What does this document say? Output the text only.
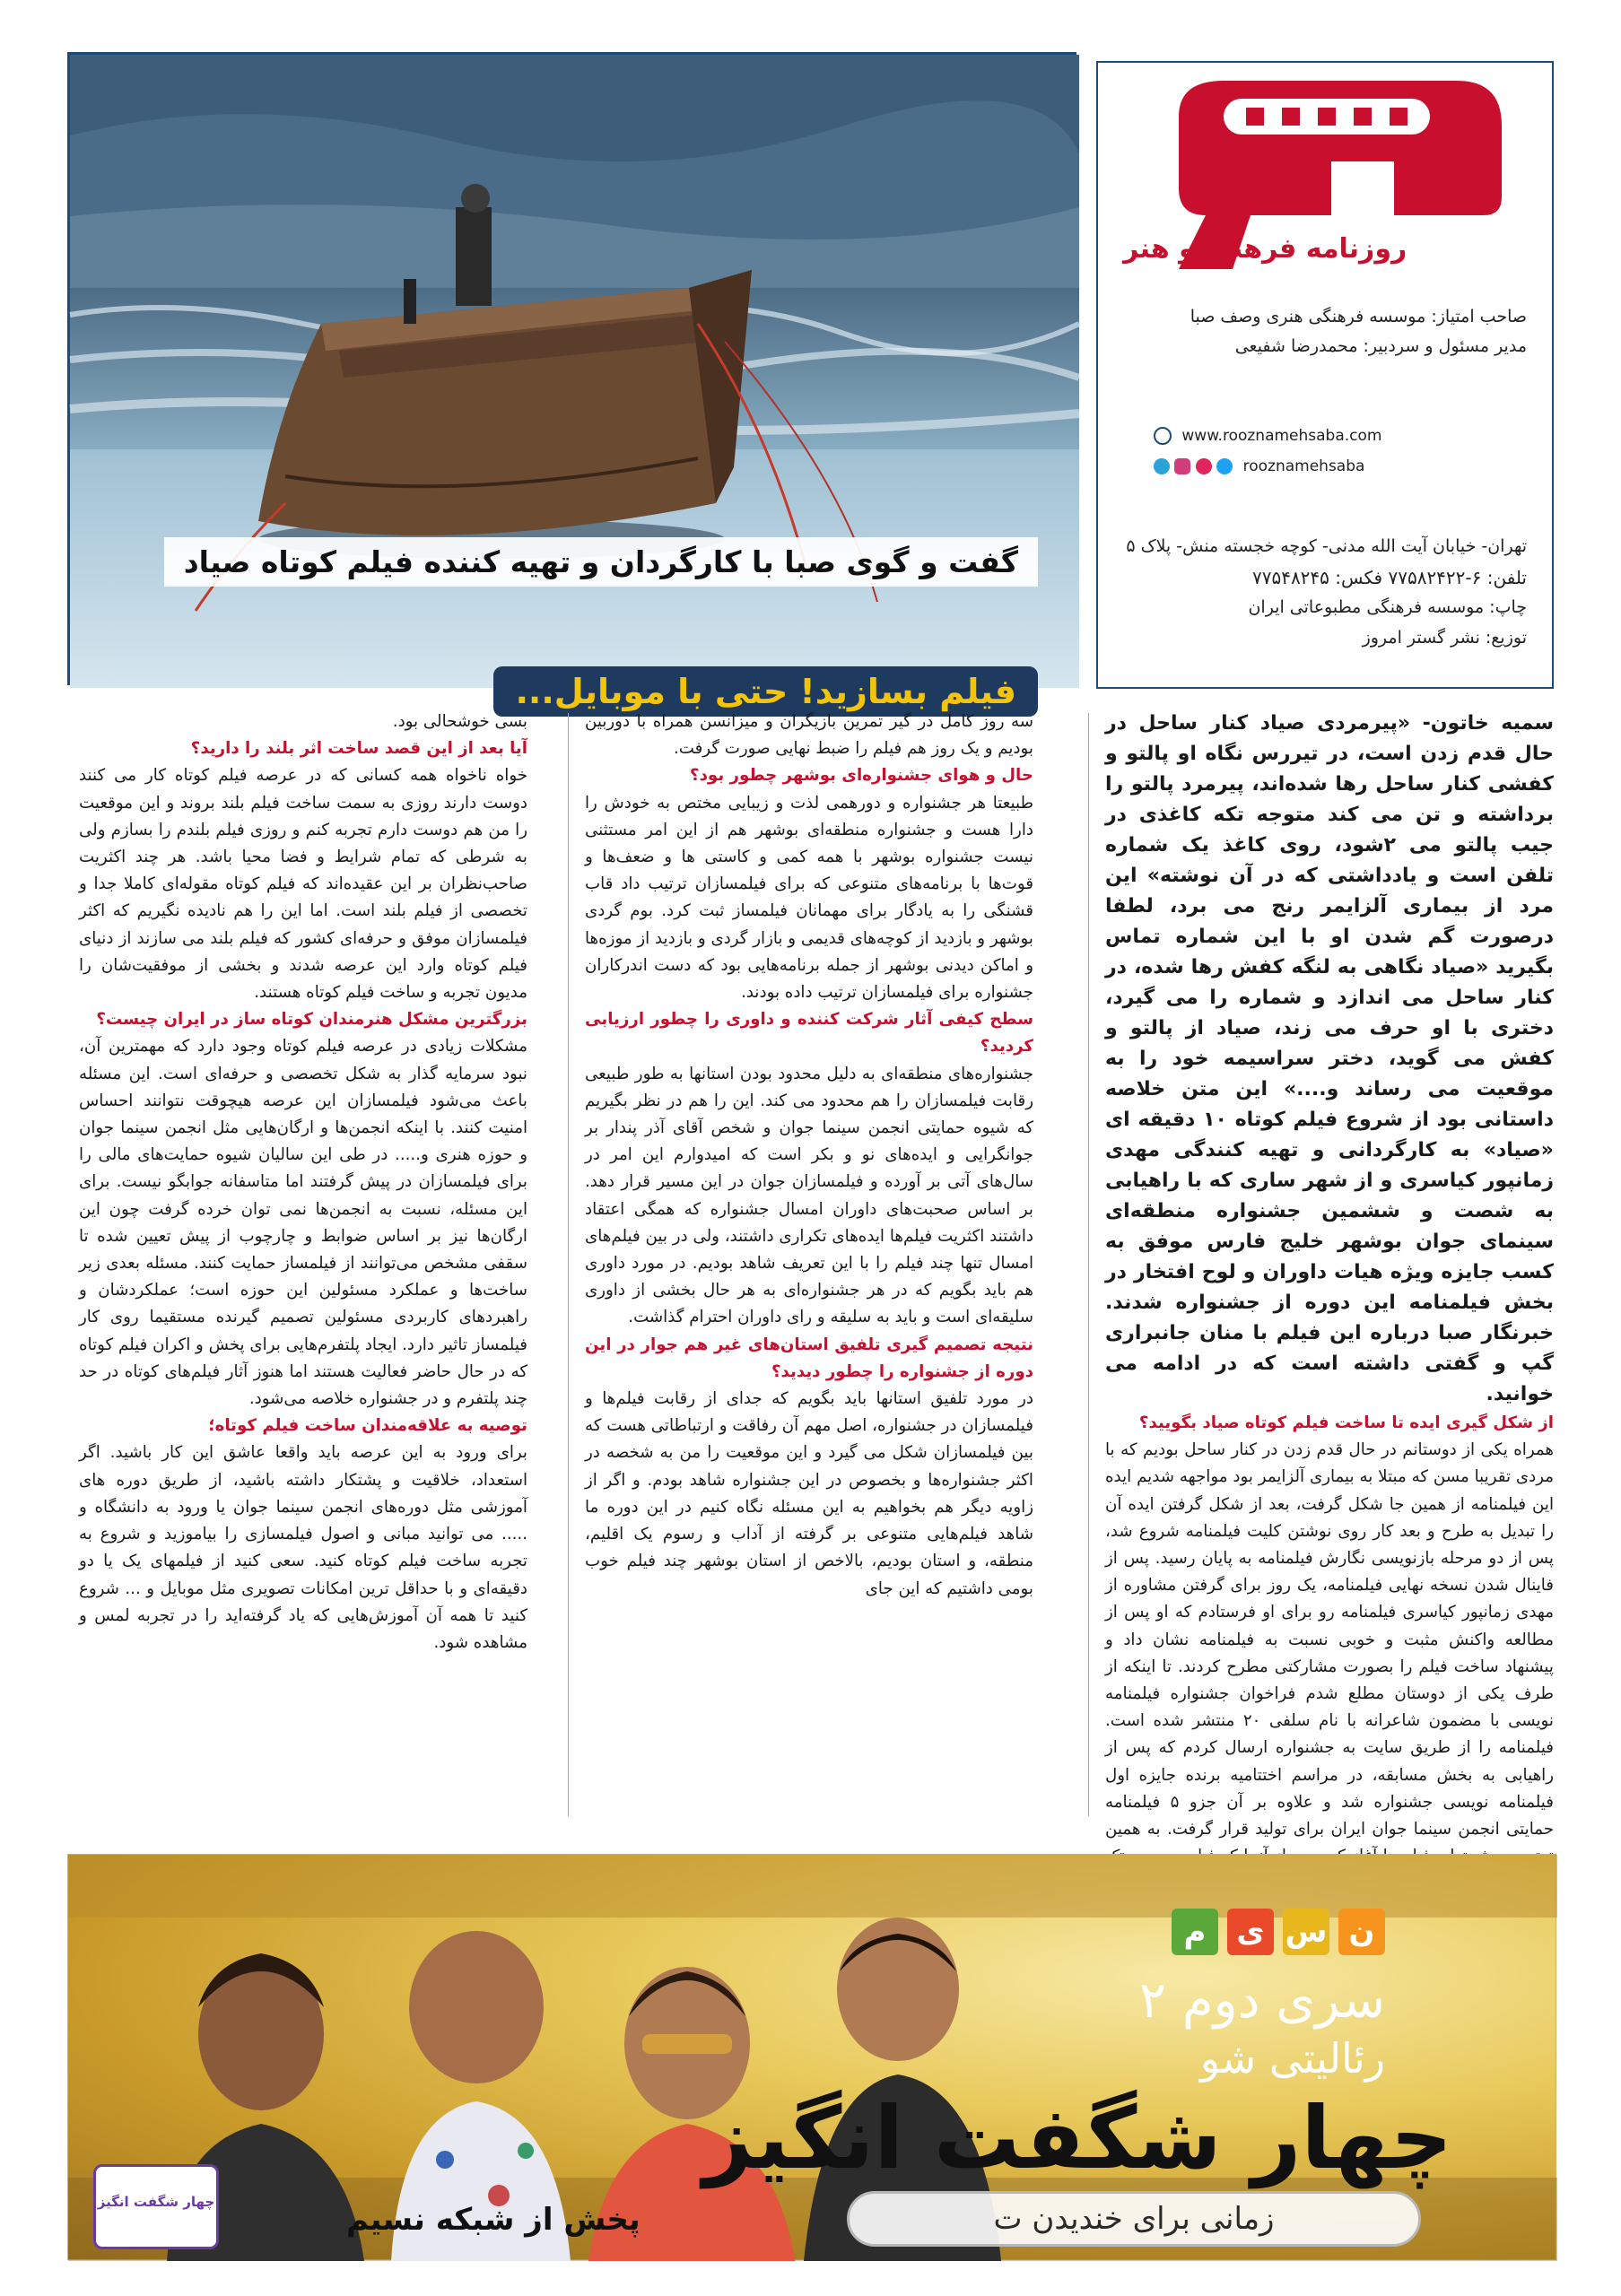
گفت و گوی صبا با کارگردان و تهیه کننده فیلم کوتاه صیاد
فیلم بسازید! حتی با موبایل...
روزنامه فرهنگ و هنر
صاحب امتیاز: موسسه فرهنگی هنری وصف صبا
مدیر مسئول و سردبیر: محمدرضا شفیعی
www.rooznamehsaba.com
rooznamehsaba
تهران- خیابان آیت الله مدنی- کوچه خجسته منش- پلاک ۵
تلفن: ۶-۷۷۵۸۲۴۲۲ فکس: ۷۷۵۴۸۲۴۵
چاپ: موسسه فرهنگی مطبوعاتی ایران
توزیع: نشر گستر امروز

سمیه خاتون- «پیرمردی صیاد کنار ساحل در حال قدم زدن است، در تیررس نگاه او پالتو و کفشی کنار ساحل رها شده‌اند، پیرمرد پالتو را برداشته و تن می کند متوجه تکه کاغذی در جیب پالتو می ۲شود، روی کاغذ یک شماره تلفن است و یادداشتی که در آن نوشته» این مرد از بیماری آلزایمر رنج می برد، لطفا درصورت گم شدن او با این شماره تماس بگیرید «صیاد نگاهی به لنگه کفش رها شده، در کنار ساحل می اندازد و شماره را می گیرد، دختری با او حرف می زند، صیاد از پالتو و کفش می گوید، دختر سراسیمه خود را به موقعیت می رساند و....» این متن خلاصه داستانی بود از شروع فیلم کوتاه ۱۰ دقیقه ای «صیاد» به کارگردانی و تهیه کنندگی مهدی زمانپور کیاسری و از شهر ساری که با راهیابی به شصت و ششمین جشنواره منطقه‌ای سینمای جوان بوشهر خلیج فارس موفق به کسب جایزه ویژه هیات داوران و لوح افتخار در بخش فیلمنامه این دوره از جشنواره شدند. خبرنگار صبا درباره این فیلم با منان جانبراری گپ و گفتی داشته است که در ادامه می خوانید.

از شکل گیری ایده تا ساخت فیلم کوتاه صیاد بگویید؟

همراه یکی از دوستانم در حال قدم زدن در کنار ساحل بودیم که با مردی تقریبا مسن که مبتلا به بیماری آلزایمر بود مواجهه شدیم ایده این فیلمنامه از همین جا شکل گرفت، بعد از شکل گرفتن ایده آن را تبدیل به طرح و بعد کار روی نوشتن کلیت فیلمنامه شروع شد، پس از دو مرحله بازنویسی نگارش فیلمنامه به پایان رسید. پس از فاینال شدن نسخه نهایی فیلمنامه، یک روز برای گرفتن مشاوره از مهدی زمانپور کیاسری فیلمنامه رو برای او فرستادم که او پس از مطالعه واکنش مثبت و خوبی نسبت به فیلمنامه نشان داد و پیشنهاد ساخت فیلم را بصورت مشارکتی مطرح کردند. تا اینکه از طرف یکی از دوستان مطلع شدم فراخوان جشنواره فیلمنامه نویسی با مضمون شاعرانه با نام سلفی ۲۰ منتشر شده است. فیلمنامه را از طریق سایت به جشنواره ارسال کردم که پس از راهیابی به بخش مسابقه، در مراسم اختتامیه برنده جایزه اول فیلمنامه نویسی جشنواره شد و علاوه بر آن جزو ۵ فیلمنامه حمایتی انجمن سینما جوان ایران برای تولید قرار گرفت. به همین

سه روز کامل در گیر تمرین بازیگران و میزانسن همراه با دوربین بودیم و یک روز هم فیلم را ضبط نهایی صورت گرفت.

حال و هوای جشنواره‌ای بوشهر چطور بود؟

طبیعتا هر جشنواره و دورهمی لذت و زیبایی مختص به خودش را دارا هست و جشنواره منطقه‌ای بوشهر هم از این امر مستثنی نیست جشنواره بوشهر با همه کمی و کاستی ها و ضعف‌ها و قوت‌ها با برنامه‌های متنوعی که برای فیلمسازان ترتیب داد قاب قشنگی را به یادگار برای مهمانان فیلمساز ثبت کرد. بوم گردی بوشهر و بازدید از کوچه‌های قدیمی و بازار گردی و بازدید از موزه‌ها و اماکن دیدنی بوشهر از جمله برنامه‌هایی بود که دست اندرکاران جشنواره برای فیلمسازان ترتیب داده بودند.

سطح کیفی آثار شرکت کننده و داوری را چطور ارزیابی کردید؟

جشنواره‌های منطقه‌ای به دلیل محدود بودن استانها به طور طبیعی رقابت فیلمسازان را هم محدود می کند. این را هم در نظر بگیریم که شیوه حمایتی انجمن سینما جوان و شخص آقای آذر پندار بر جوانگرایی و ایده‌های نو و بکر است که امیدوارم این امر در سال‌های آتی بر آورده و فیلمسازان جوان در این مسیر قرار دهد. بر اساس صحبت‌های داوران امسال جشنواره که همگی اعتقاد داشتند اکثریت فیلم‌ها ایده‌های تکراری داشتند، ولی در بین فیلم‌های امسال تنها چند فیلم را با این تعریف شاهد بودیم. در مورد داوری هم باید بگویم که در هر جشنواره‌ای به هر حال بخشی از داوری سلیقه‌ای است و باید به سلیقه و رای داوران احترام گذاشت.

نتیجه تصمیم گیری تلفیق استان‌های غیر هم جوار در این دوره از جشنواره را چطور دیدید؟

در مورد تلفیق استانها باید بگویم که جدای از رقابت فیلم‌ها و فیلمسازان در جشنواره، اصل مهم آن رفاقت و ارتباطاتی هست که بین فیلمسازان شکل می گیرد و این موقعیت را من به شخصه در اکثر جشنواره‌ها و بخصوص در این جشنواره شاهد بودم. و اگر از زاویه دیگر هم بخواهیم به این مسئله نگاه کنیم در این دوره ما شاهد فیلم‌هایی متنوعی بر گرفته از آداب و رسوم یک اقلیم، منطقه، و استان بودیم، بالاخص از استان بوشهر چند فیلم خوب بومی داشتیم که این جای

بسی خوشحالی بود.

آیا بعد از این قصد ساخت اثر بلند را دارید؟

خواه ناخواه همه کسانی که در عرصه فیلم کوتاه کار می کنند دوست دارند روزی به سمت ساخت فیلم بلند بروند و این موقعیت را من هم دوست دارم تجربه کنم و روزی فیلم بلندم را بسازم ولی به شرطی که تمام شرایط و فضا محیا باشد. هر چند اکثریت صاحب‌نظران بر این عقیده‌اند که فیلم کوتاه مقوله‌ای کاملا جدا و تخصصی از فیلم بلند است. اما این را هم نادیده نگیریم که اکثر فیلمسازان موفق و حرفه‌ای کشور که فیلم بلند می سازند از دنیای فیلم کوتاه وارد این عرصه شدند و بخشی از موفقیت‌شان را مدیون تجربه و ساخت فیلم کوتاه هستند.

بزرگترین مشکل هنرمندان کوتاه ساز در ایران چیست؟

مشکلات زیادی در عرصه فیلم کوتاه وجود دارد که مهمترین آن، نبود سرمایه گذار به شکل تخصصی و حرفه‌ای است. این مسئله باعث می‌شود فیلمسازان این عرصه هیچوقت نتوانند احساس امنیت کنند. با اینکه انجمن‌ها و ارگان‌هایی مثل انجمن سینما جوان و حوزه هنری و..... در طی این سالیان شیوه حمایت‌های مالی را برای فیلمسازان در پیش گرفتند اما متاسفانه جوابگو نیست. برای این مسئله، نسبت به انجمن‌ها نمی توان خرده گرفت چون این ارگان‌ها نیز بر اساس ضوابط و چارچوب از پیش تعیین شده تا سقفی مشخص می‌توانند از فیلمساز حمایت کنند. مسئله بعدی زیر ساخت‌ها و عملکرد مسئولین این حوزه است؛ عملکردشان و راهبردهای کاربردی مسئولین تصمیم گیرنده مستقیما روی کار فیلمساز تاثیر دارد. ایجاد پلتفرم‌هایی برای پخش و اکران فیلم کوتاه که در حال حاضر فعالیت هستند اما هنوز آثار فیلم‌های کوتاه در حد چند پلتفرم و در جشنواره خلاصه می‌شود.

توصیه به علاقه‌مندان ساخت فیلم کوتاه؛

برای ورود به این عرصه باید واقعا عاشق این کار باشید. اگر استعداد، خلاقیت و پشتکار داشته باشید، از طریق دوره های آموزشی مثل دوره‌های انجمن سینما جوان یا ورود به دانشگاه و ..... می توانید مبانی و اصول فیلمسازی را بیاموزید و شروع به تجربه ساخت فیلم کوتاه کنید. سعی کنید از فیلمهای یک یا دو دقیقه‌ای و با حداقل ترین امکانات تصویری مثل موبایل و ... شروع کنید تا همه آن آموزش‌هایی که یاد گرفته‌اید را در تجربه لمس و مشاهده شود.

ن
س
ی
م
سری دوم ۲
رئالیتی شو
چهار شگفت انگیز
زمانی برای خندیدن ت
پخش از شبکه نسیم
چهار شگفت انگیز
